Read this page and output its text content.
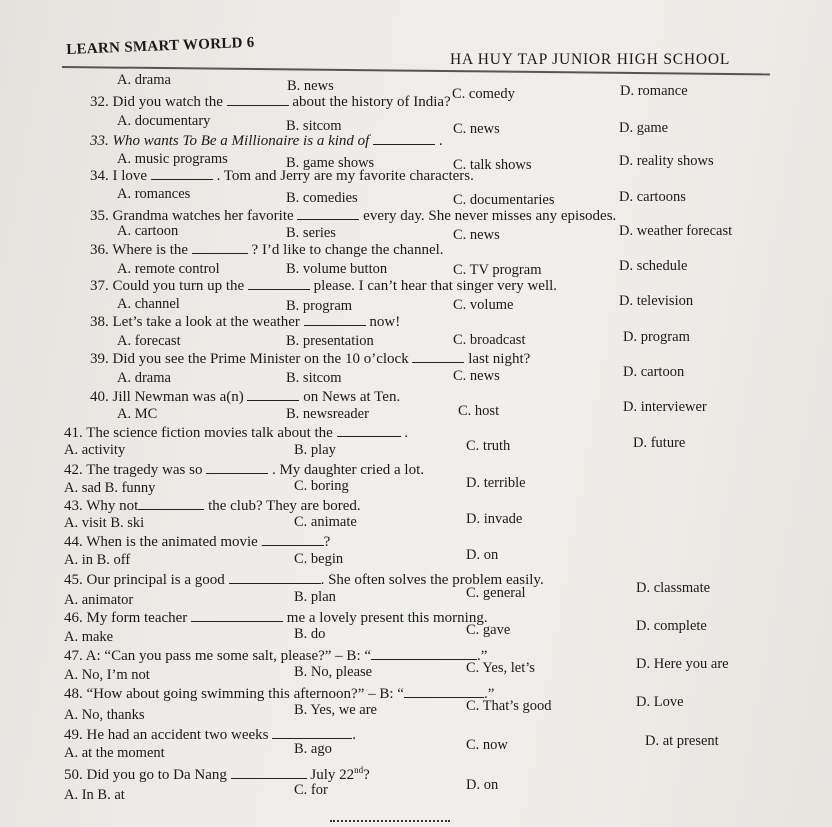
LEARN SMART WORLD 6
HA HUY TAP JUNIOR HIGH SCHOOL
A. drama	B. news	C. comedy	D. romance
32. Did you watch the	about the history of India?
A. documentary	B. sitcom	C. news	D. game
33. Who wants To Be a Millionaire is a kind of	.
A. music programs	B. game shows	C. talk shows	D. reality shows
34. I love	. Tom and Jerry are my favorite characters.
A. romances	B. comedies	C. documentaries	D. cartoons
35. Grandma watches her favorite	every day. She never misses any episodes.
A. cartoon	B. series	C. news	D. weather forecast
36. Where is the	? I’d like to change the channel.
A. remote control	B. volume button	C. TV program	D. schedule
37. Could you turn up the	please. I can’t hear that singer very well.
A. channel	B. program	C. volume	D. television
38. Let’s take a look at the weather	now!
A. forecast	B. presentation	C. broadcast	D. program
39. Did you see the Prime Minister on the 10 o’clock	last night?
A. drama	B. sitcom	C. news	D. cartoon
40. Jill Newman was a(n)	on News at Ten.
A. MC	B. newsreader	C. host	D. interviewer
41. The science fiction movies talk about the	.
A. activity	B. play	C. truth	D. future
42. The tragedy was so	. My daughter cried a lot.
A. sad B. funny	C. boring	D. terrible
43. Why not	the club? They are bored.
A. visit B. ski	C. animate	D. invade
44. When is the animated movie	?
A. in B. off	C. begin	D. on
45. Our principal is a good	. She often solves the problem easily.
A. animator	B. plan	C. general	D. classmate
46. My form teacher	me a lovely present this morning.
A. make	B. do	C. gave	D. complete
47. A: “Can you pass me some salt, please?” – B: “	.”
A. No, I’m not	B. No, please	C. Yes, let’s	D. Here you are
48. “How about going swimming this afternoon?” – B: “	.”
A. No, thanks	B. Yes, we are	C. That’s good	D. Love
49. He had an accident two weeks	.
A. at the moment	B. ago	C. now	D. at present
50. Did you go to Da Nang	July 22nd?
A. In B. at	C. for	D. on
